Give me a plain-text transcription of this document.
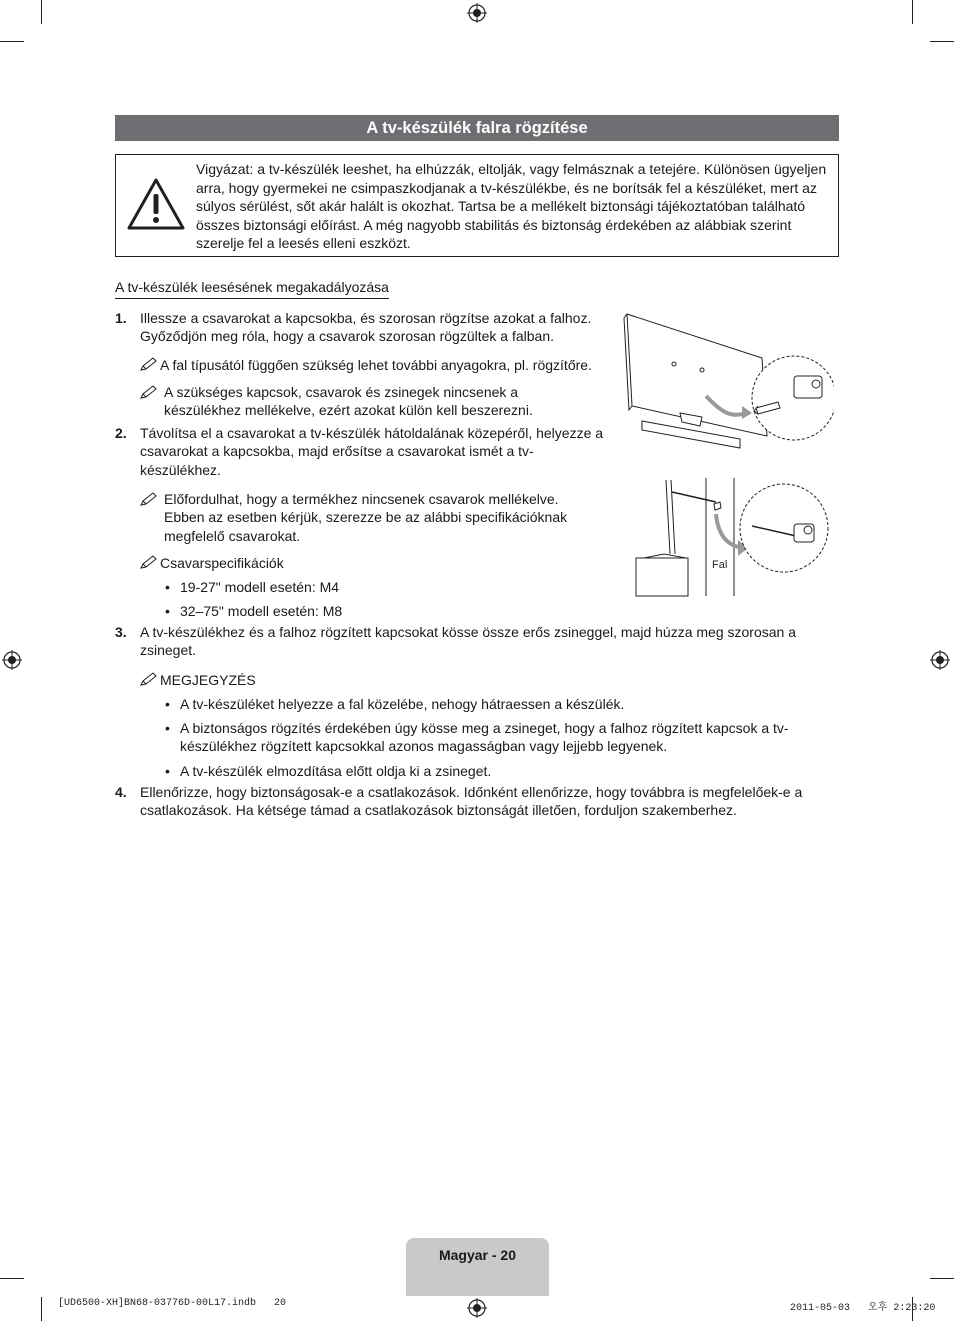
A tv-készülék falra rögzítése
Vigyázat: a tv-készülék leeshet, ha elhúzzák, eltolják, vagy felmásznak a tetejére. Különösen ügyeljen arra, hogy gyermekei ne csimpaszkodjanak a tv-készülékbe, és ne borítsák fel a készüléket, mert az súlyos sérülést, sőt akár halált is okozhat. Tartsa be a mellékelt biztonsági tájékoztatóban található összes biztonsági előírást. A még nagyobb stabilitás és biztonság érdekében az alábbiak szerint szerelje fel a leesés elleni eszközt.
A tv-készülék leesésének megakadályozása
1. Illessze a csavarokat a kapcsokba, és szorosan rögzítse azokat a falhoz. Győződjön meg róla, hogy a csavarok szorosan rögzültek a falban.
A fal típusától függően szükség lehet további anyagokra, pl. rögzítőre.
A szükséges kapcsok, csavarok és zsinegek nincsenek a készülékhez mellékelve, ezért azokat külön kell beszerezni.
2. Távolítsa el a csavarokat a tv-készülék hátoldalának közepéről, helyezze a csavarokat a kapcsokba, majd erősítse a csavarokat ismét a tv-készülékhez.
Előfordulhat, hogy a termékhez nincsenek csavarok mellékelve. Ebben az esetben kérjük, szerezze be az alábbi specifikációknak megfelelő csavarokat.
Csavarspecifikációk
• 19-27" modell esetén: M4
• 32–75" modell esetén: M8
3. A tv-készülékhez és a falhoz rögzített kapcsokat kösse össze erős zsineggel, majd húzza meg szorosan a zsineget.
MEGJEGYZÉS
• A tv-készüléket helyezze a fal közelébe, nehogy hátraessen a készülék.
• A biztonságos rögzítés érdekében úgy kösse meg a zsineget, hogy a falhoz rögzített kapcsok a tv-készülékhez rögzített kapcsokkal azonos magasságban vagy lejjebb legyenek.
• A tv-készülék elmozdítása előtt oldja ki a zsineget.
4. Ellenőrizze, hogy biztonságosak-e a csatlakozások. Időnként ellenőrizze, hogy továbbra is megfelelőek-e a csatlakozások. Ha kétsége támad a csatlakozások biztonságát illetően, forduljon szakemberhez.
Fal
Magyar - 20
[UD6500-XH]BN68-03776D-00L17.indb   20	2011-05-03   오후 2:23:20
